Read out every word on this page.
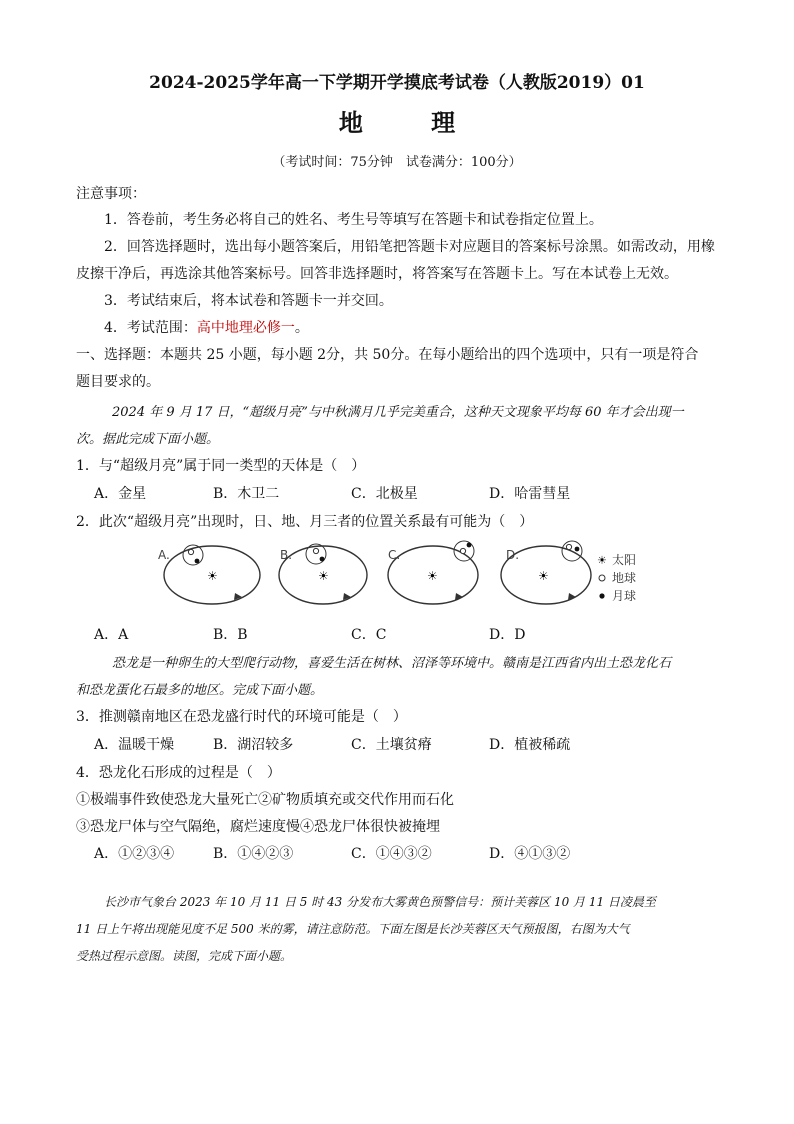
2024-2025学年高一下学期开学摸底考试卷（人教版2019）01
地 理
（考试时间：75分钟　试卷满分：100分）
注意事项：
1．答卷前，考生务必将自己的姓名、考生号等填写在答题卡和试卷指定位置上。
2．回答选择题时，选出每小题答案后，用铅笔把答题卡对应题目的答案标号涂黑。如需改动，用橡
皮擦干净后，再选涂其他答案标号。回答非选择题时，将答案写在答题卡上。写在本试卷上无效。
3．考试结束后，将本试卷和答题卡一并交回。
4．考试范围：高中地理必修一。
一、选择题：本题共 25 小题，每小题 2分，共 50分。在每小题给出的四个选项中，只有一项是符合
题目要求的。
2024 年 9 月 17 日，“超级月亮”与中秋满月几乎完美重合，这种天文现象平均每 60 年才会出现一
次。据此完成下面小题。
1．与“超级月亮”属于同一类型的天体是（　）
A．金星	B．木卫二	C．北极星	D．哈雷彗星
2．此次“超级月亮”出现时，日、地、月三者的位置关系最有可能为（　）
A.
☀
B.
☀
C.
☀
D.
☀
☀ 太阳
地球
月球
A．A	B．B	C．C	D．D
恐龙是一种卵生的大型爬行动物，喜爱生活在树林、沼泽等环境中。赣南是江西省内出土恐龙化石
和恐龙蛋化石最多的地区。完成下面小题。
3．推测赣南地区在恐龙盛行时代的环境可能是（　）
A．温暖干燥	B．湖沼较多	C．土壤贫瘠	D．植被稀疏
4．恐龙化石形成的过程是（　）
①极端事件致使恐龙大量死亡②矿物质填充或交代作用而石化
③恐龙尸体与空气隔绝，腐烂速度慢④恐龙尸体很快被掩埋
A．①②③④	B．①④②③	C．①④③②	D．④①③②
长沙市气象台 2023 年 10 月 11 日 5 时 43 分发布大雾黄色预警信号：预计芙蓉区 10 月 11 日凌晨至
11 日上午将出现能见度不足 500 米的雾，请注意防范。下面左图是长沙芙蓉区天气预报图，右图为大气
受热过程示意图。读图，完成下面小题。
